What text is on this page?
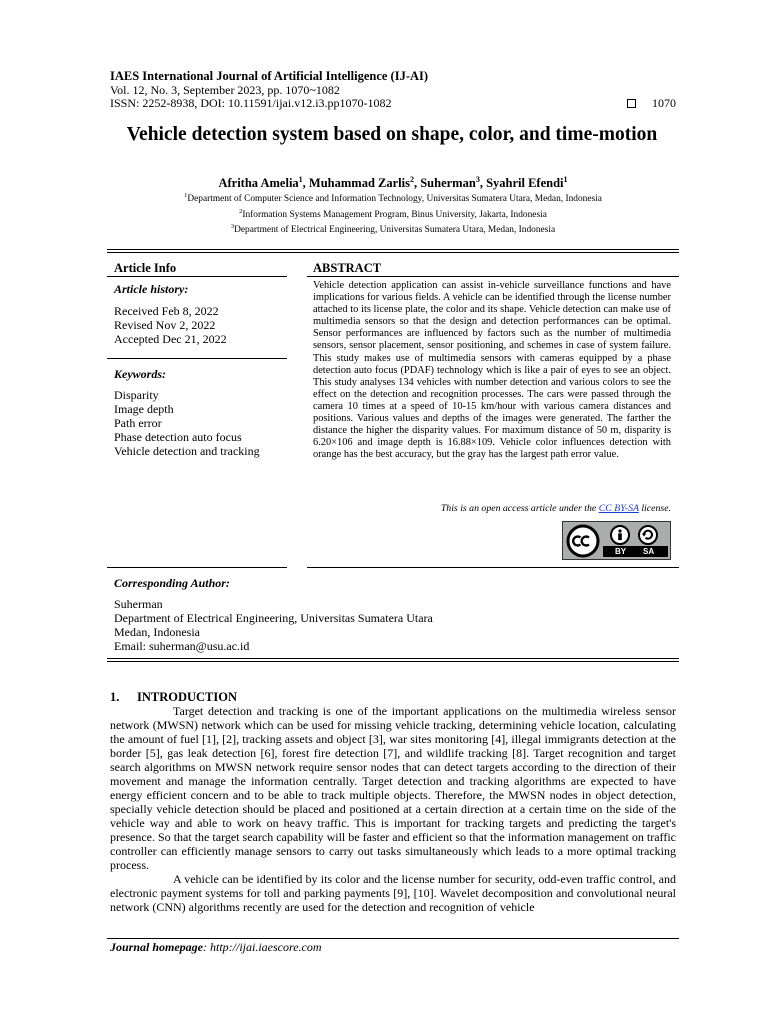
IAES International Journal of Artificial Intelligence (IJ-AI)
Vol. 12, No. 3, September 2023, pp. 1070~1082
ISSN: 2252-8938, DOI: 10.11591/ijai.v12.i3.pp1070-1082	1070
Vehicle detection system based on shape, color, and time-motion
Afritha Amelia$^1$, Muhammad Zarlis$^2$, Suherman$^3$, Syahril Efendi$^1$
$^1$Department of Computer Science and Information Technology, Universitas Sumatera Utara, Medan, Indonesia
$^2$Information Systems Management Program, Binus University, Jakarta, Indonesia
$^3$Department of Electrical Engineering, Universitas Sumatera Utara, Medan, Indonesia
Article Info	ABSTRACT
Article history:
Received Feb 8, 2022
Revised Nov 2, 2022
Accepted Dec 21, 2022
Keywords:
Disparity
Image depth
Path error
Phase detection auto focus
Vehicle detection and tracking
Vehicle detection application can assist in-vehicle surveillance functions and have implications for various fields. A vehicle can be identified through the license number attached to its license plate, the color and its shape. Vehicle detection can make use of multimedia sensors so that the design and detection performances can be optimal. Sensor performances are influenced by factors such as the number of multimedia sensors, sensor placement, sensor positioning, and schemes in case of system failure. This study makes use of multimedia sensors with cameras equipped by a phase detection auto focus (PDAF) technology which is like a pair of eyes to see an object. This study analyses 134 vehicles with number detection and various colors to see the effect on the detection and recognition processes. The cars were passed through the camera 10 times at a speed of 10-15 km/hour with various camera distances and positions. Various values and depths of the images were generated. The farther the distance the higher the disparity values. For maximum distance of 50 m, disparity is 6.20×106 and image depth is 16.88×109. Vehicle color influences detection with orange has the best accuracy, but the gray has the largest path error value.
This is an open access article under the CC BY-SA license.
BY SA
Corresponding Author:
Suherman
Department of Electrical Engineering, Universitas Sumatera Utara
Medan, Indonesia
Email: suherman@usu.ac.id
1. INTRODUCTION

Target detection and tracking is one of the important applications on the multimedia wireless sensor network (MWSN) network which can be used for missing vehicle tracking, determining vehicle location, calculating the amount of fuel [1], [2], tracking assets and object [3], war sites monitoring [4], illegal immigrants detection at the border [5], gas leak detection [6], forest fire detection [7], and wildlife tracking [8]. Target recognition and target search algorithms on MWSN network require sensor nodes that can detect targets according to the direction of their movement and manage the information centrally. Target detection and tracking algorithms are expected to have energy efficient concern and to be able to track multiple objects. Therefore, the MWSN nodes in object detection, specially vehicle detection should be placed and positioned at a certain direction at a certain time on the side of the vehicle way and able to work on heavy traffic. This is important for tracking targets and predicting the target's presence. So that the target search capability will be faster and efficient so that the information management on traffic controller can efficiently manage sensors to carry out tasks simultaneously which leads to a more optimal tracking process.

A vehicle can be identified by its color and the license number for security, odd-even traffic control, and electronic payment systems for toll and parking payments [9], [10]. Wavelet decomposition and convolutional neural network (CNN) algorithms recently are used for the detection and recognition of vehicle

Journal homepage: http://ijai.iaescore.com
